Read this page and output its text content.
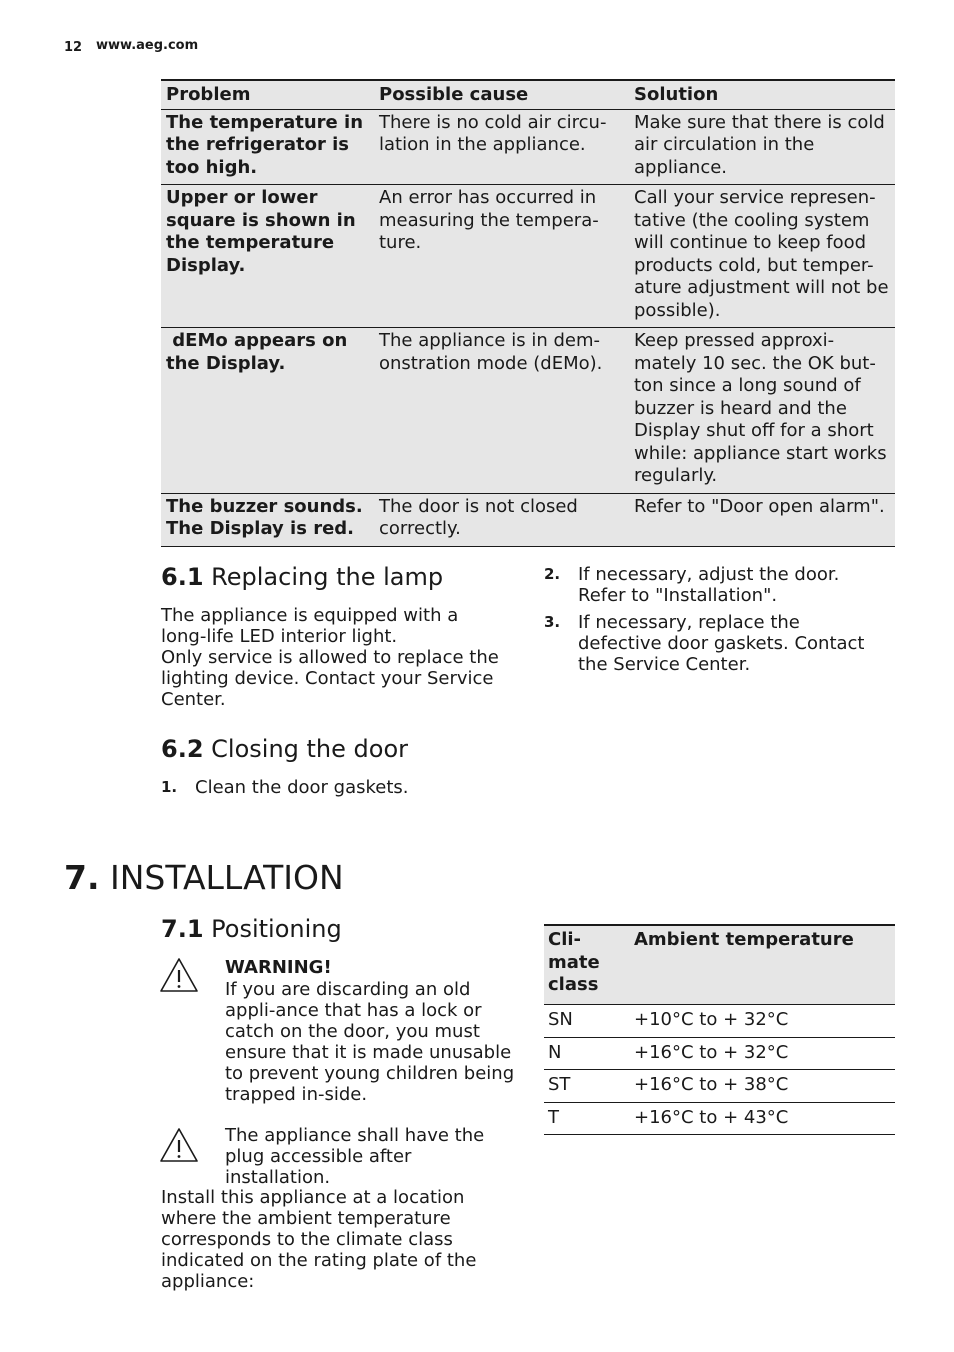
12 www.aeg.com
Problem	Possible cause	Solution
The temperature in the refrigerator is too high.	There is no cold air circu-lation in the appliance.	Make sure that there is cold air circulation in the appliance.
Upper or lower square is shown in the temperature Display.	An error has occurred in measuring the tempera-ture.	Call your service represen-tative (the cooling system will continue to keep food products cold, but temper-ature adjustment will not be possible).
dEMo appears on the Display.	The appliance is in dem-onstration mode (dEMo).	Keep pressed approxi-mately 10 sec. the OK but-ton since a long sound of buzzer is heard and the Display shut off for a short while: appliance start works regularly.
The buzzer sounds. The Display is red.	The door is not closed correctly.	Refer to "Door open alarm".
6.1 Replacing the lamp
The appliance is equipped with a long-life LED interior light.
Only service is allowed to replace the lighting device. Contact your Service Center.
6.2 Closing the door
1. Clean the door gaskets.
2. If necessary, adjust the door. Refer to "Installation".
3. If necessary, replace the defective door gaskets. Contact the Service Center.
7. INSTALLATION
7.1 Positioning
WARNING!
If you are discarding an old appli-ance that has a lock or catch on the door, you must ensure that it is made unusable to prevent young children being trapped in-side.
The appliance shall have the plug accessible after installation.
Install this appliance at a location where the ambient temperature corresponds to the climate class indicated on the rating plate of the appliance:
Cli-mate class	Ambient temperature
SN	+10°C to + 32°C
N	+16°C to + 32°C
ST	+16°C to + 38°C
T	+16°C to + 43°C
